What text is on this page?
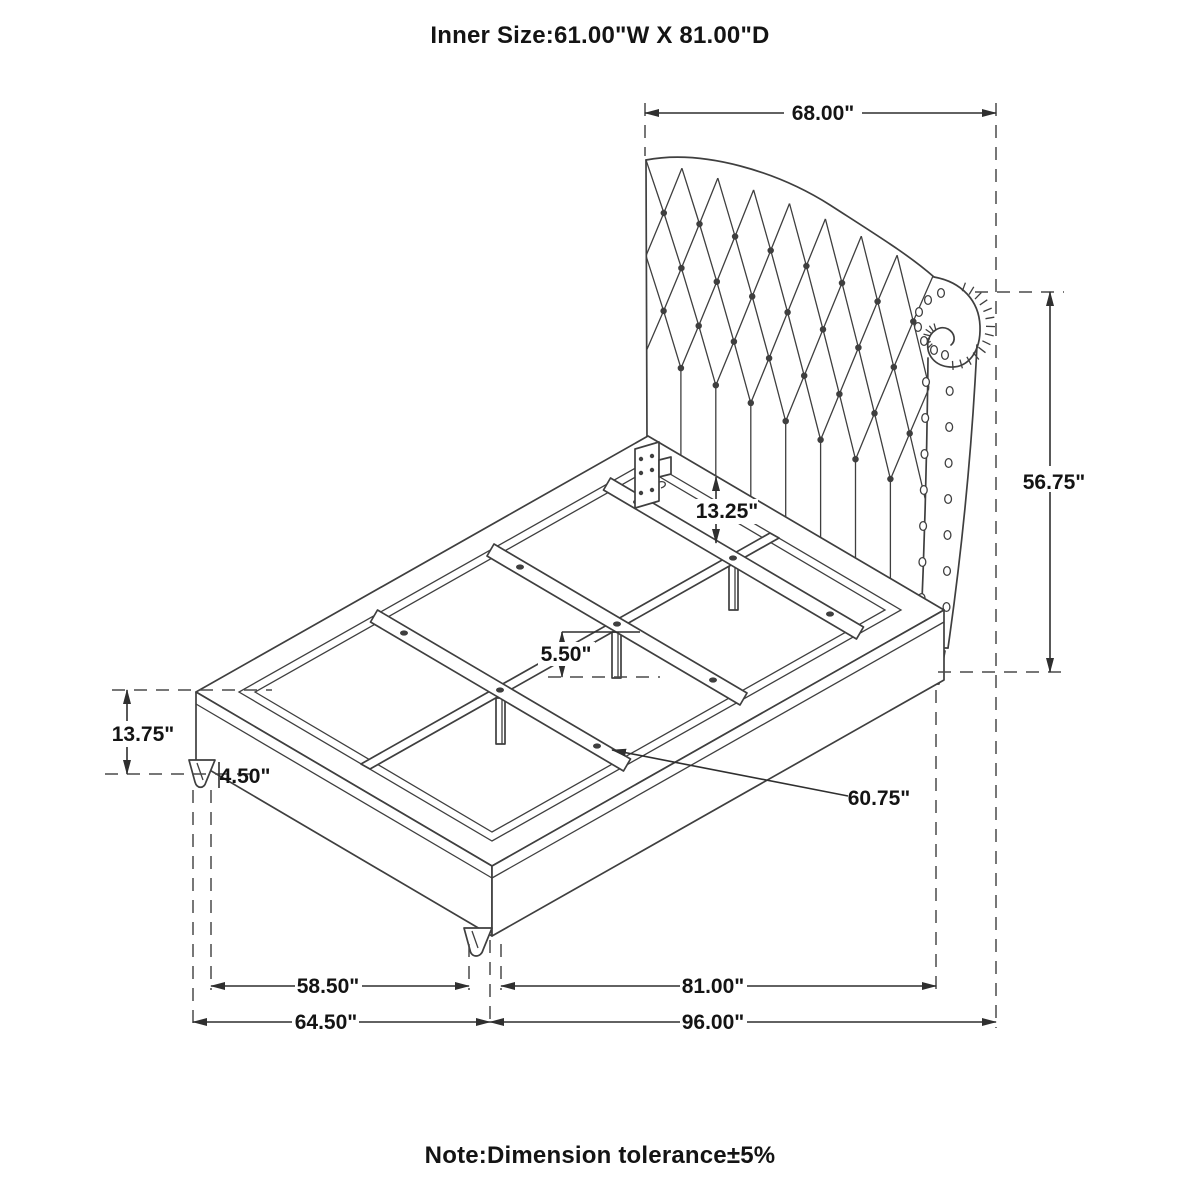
Inner Size:61.00"W X 81.00"D
68.00"
56.75"
13.25"
5.50"
13.75"
4.50"
60.75"
58.50"	81.00"
64.50"	96.00"
Note:Dimension tolerance±5%
